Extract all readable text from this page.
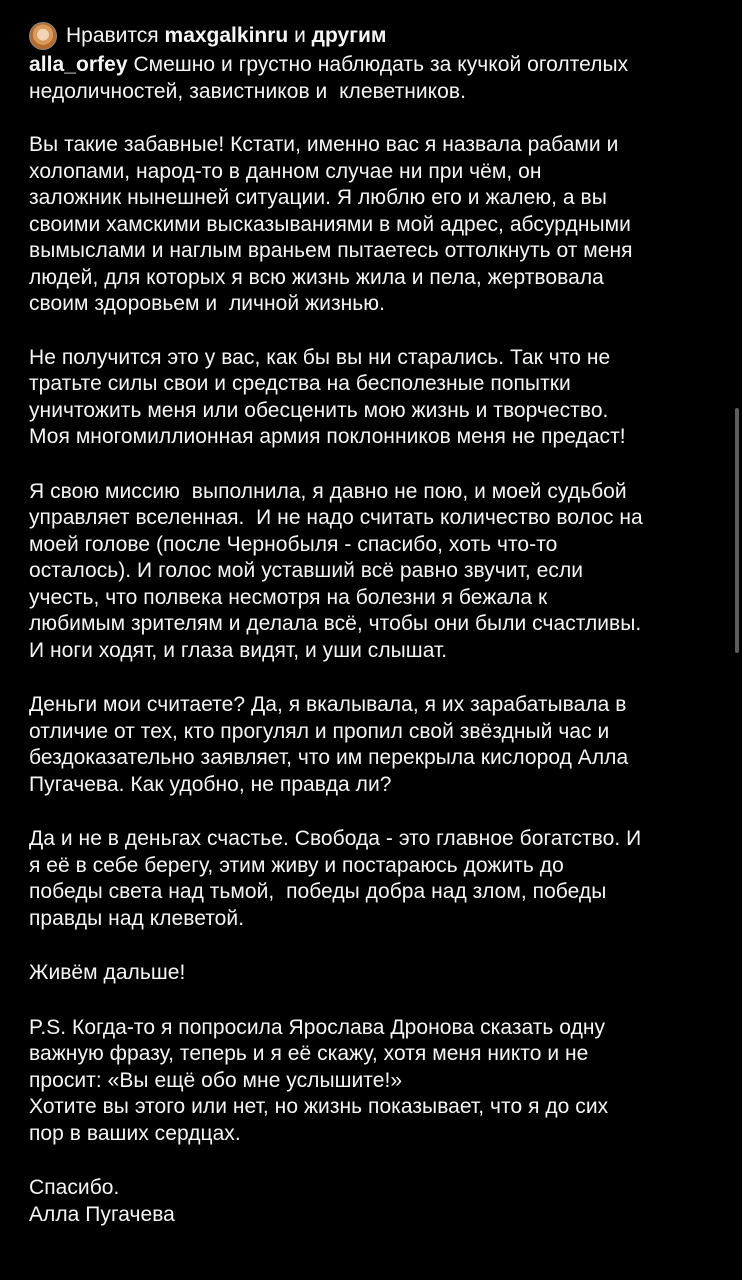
Нравится
maxgalkinru
и
другим

alla_orfey Смешно и грустно наблюдать за кучкой оголтелых
недоличностей, завистников и  клеветников.

Вы такие забавные! Кстати, именно вас я назвала рабами и
холопами, народ-то в данном случае ни при чём, он
заложник нынешней ситуации. Я люблю его и жалею, а вы
своими хамскими высказываниями в мой адрес, абсурдными
вымыслами и наглым враньем пытаетесь оттолкнуть от меня
людей, для которых я всю жизнь жила и пела, жертвовала
своим здоровьем и  личной жизнью.

Не получится это у вас, как бы вы ни старались. Так что не
тратьте силы свои и средства на бесполезные попытки
уничтожить меня или обесценить мою жизнь и творчество.
Моя многомиллионная армия поклонников меня не предаст!

Я свою миссию  выполнила, я давно не пою, и моей судьбой
управляет вселенная.  И не надо считать количество волос на
моей голове (после Чернобыля - спасибо, хоть что-то
осталось). И голос мой уставший всё равно звучит, если
учесть, что полвека несмотря на болезни я бежала к
любимым зрителям и делала всё, чтобы они были счастливы.
И ноги ходят, и глаза видят, и уши слышат.

Деньги мои считаете? Да, я вкалывала, я их зарабатывала в
отличие от тех, кто прогулял и пропил свой звёздный час и
бездоказательно заявляет, что им перекрыла кислород Алла
Пугачева. Как удобно, не правда ли?

Да и не в деньгах счастье. Свобода - это главное богатство. И
я её в себе берегу, этим живу и постараюсь дожить до
победы света над тьмой,  победы добра над злом, победы
правды над клеветой.

Живём дальше!

P.S. Когда-то я попросила Ярослава Дронова сказать одну
важную фразу, теперь и я её скажу, хотя меня никто и не
просит: «Вы ещё обо мне услышите!»
Хотите вы этого или нет, но жизнь показывает, что я до сих
пор в ваших сердцах.

Спасибо.
Алла Пугачева
